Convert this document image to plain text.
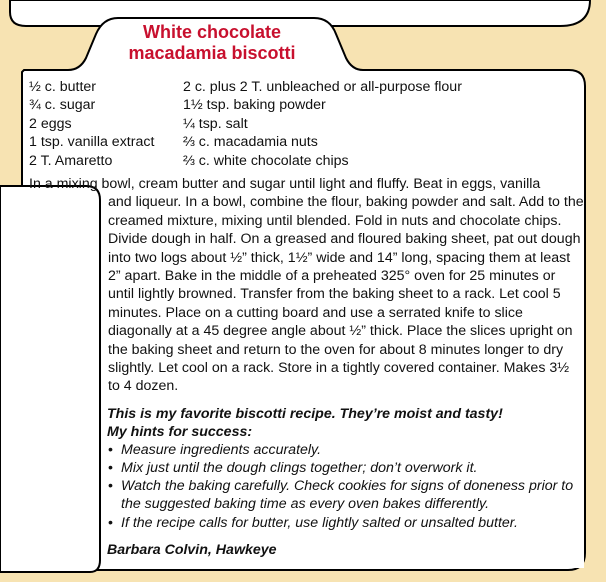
White chocolate macadamia biscotti
½ c. butter
¾ c. sugar
2 eggs
1 tsp. vanilla extract
2 T. Amaretto
2 c. plus 2 T. unbleached or all-purpose flour
1½ tsp. baking powder
¼ tsp. salt
⅔ c. macadamia nuts
⅔ c. white chocolate chips
In a mixing bowl, cream butter and sugar until light and fluffy. Beat in eggs, vanilla
and liqueur. In a bowl, combine the flour, baking powder and salt. Add to the creamed mixture, mixing until blended. Fold in nuts and chocolate chips. Divide dough in half. On a greased and floured baking sheet, pat out dough into two logs about ½” thick, 1½” wide and 14” long, spacing them at least 2” apart. Bake in the middle of a preheated 325° oven for 25 minutes or until lightly browned. Transfer from the baking sheet to a rack. Let cool 5 minutes. Place on a cutting board and use a serrated knife to slice diagonally at a 45 degree angle about ½” thick. Place the slices upright on the baking sheet and return to the oven for about 8 minutes longer to dry slightly. Let cool on a rack. Store in a tightly covered container. Makes 3½ to 4 dozen.
This is my favorite biscotti recipe. They’re moist and tasty!
My hints for success:
• Measure ingredients accurately.
• Mix just until the dough clings together; don’t overwork it.
• Watch the baking carefully. Check cookies for signs of doneness prior to the suggested baking time as every oven bakes differently.
• If the recipe calls for butter, use lightly salted or unsalted butter.
Barbara Colvin, Hawkeye
